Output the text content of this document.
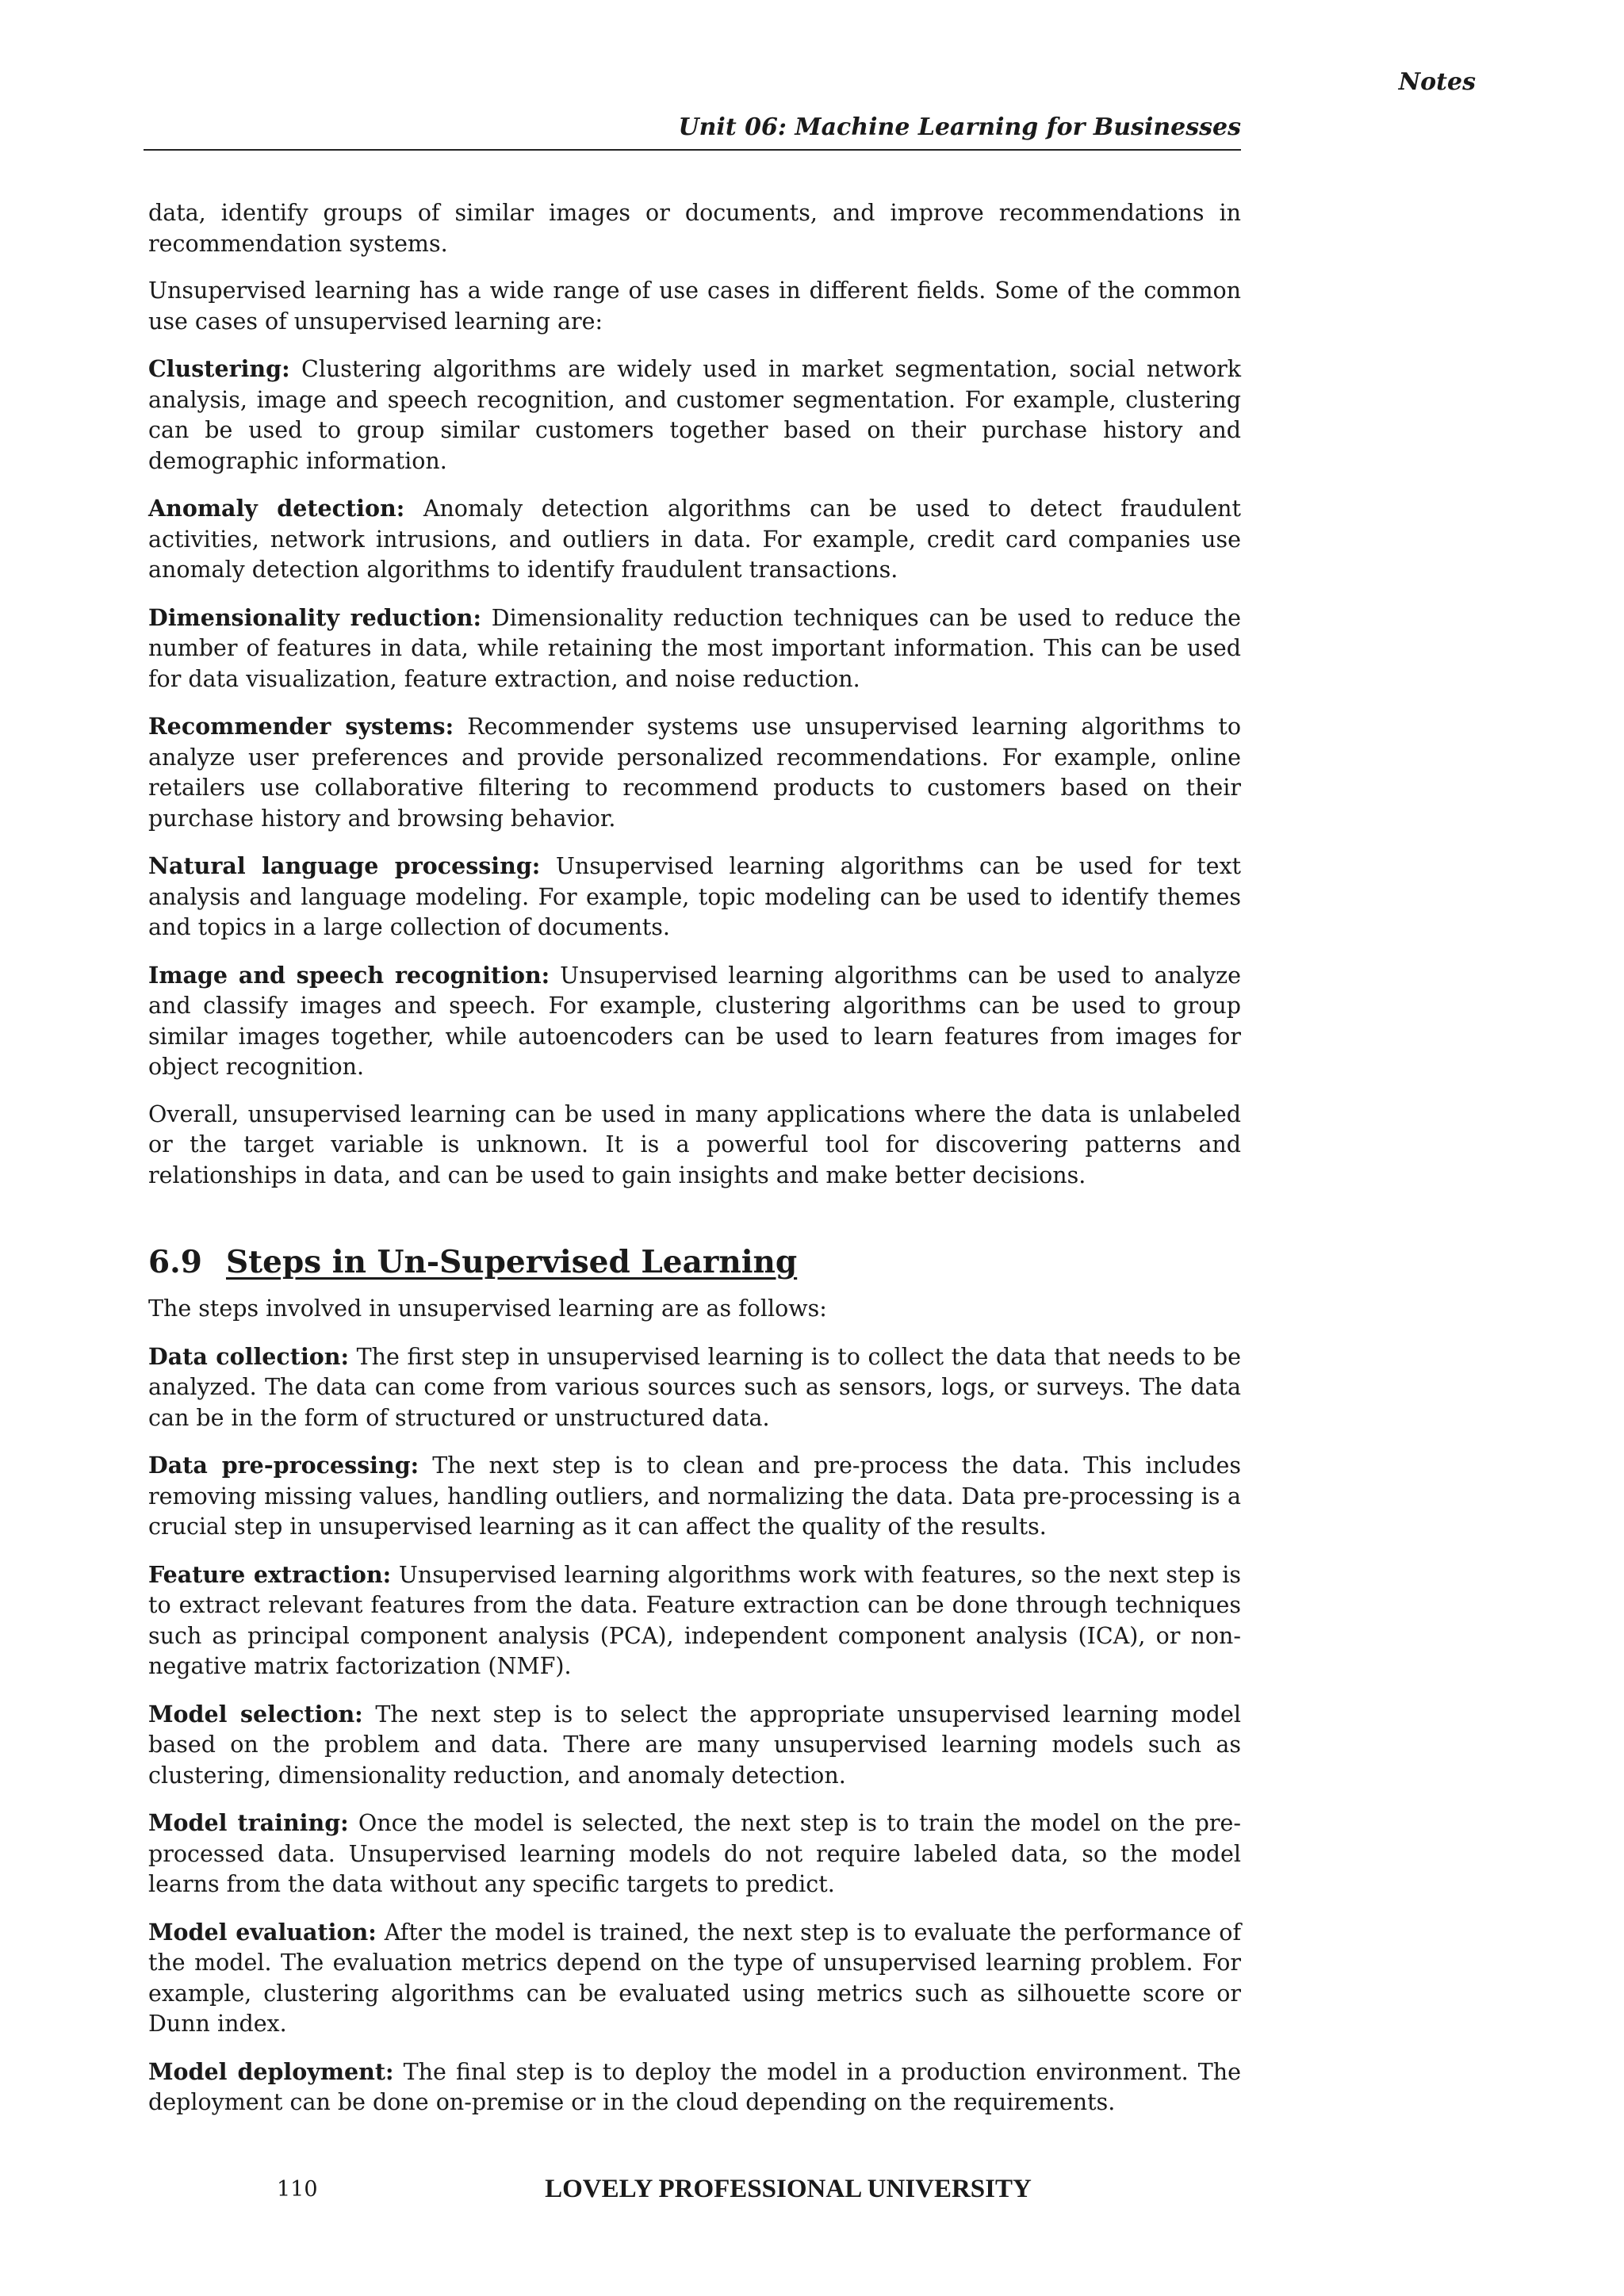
Notes
Unit 06: Machine Learning for Businesses

data, identify groups of similar images or documents, and improve recommendations in recommendation systems.

Unsupervised learning has a wide range of use cases in different fields. Some of the common use cases of unsupervised learning are:

Clustering: Clustering algorithms are widely used in market segmentation, social network analysis, image and speech recognition, and customer segmentation. For example, clustering can be used to group similar customers together based on their purchase history and demographic information.

Anomaly detection: Anomaly detection algorithms can be used to detect fraudulent activities, network intrusions, and outliers in data. For example, credit card companies use anomaly detection algorithms to identify fraudulent transactions.

Dimensionality reduction: Dimensionality reduction techniques can be used to reduce the number of features in data, while retaining the most important information. This can be used for data visualization, feature extraction, and noise reduction.

Recommender systems: Recommender systems use unsupervised learning algorithms to analyze user preferences and provide personalized recommendations. For example, online retailers use collaborative filtering to recommend products to customers based on their purchase history and browsing behavior.

Natural language processing: Unsupervised learning algorithms can be used for text analysis and language modeling. For example, topic modeling can be used to identify themes and topics in a large collection of documents.

Image and speech recognition: Unsupervised learning algorithms can be used to analyze and classify images and speech. For example, clustering algorithms can be used to group similar images together, while autoencoders can be used to learn features from images for object recognition.

Overall, unsupervised learning can be used in many applications where the data is unlabeled or the target variable is unknown. It is a powerful tool for discovering patterns and relationships in data, and can be used to gain insights and make better decisions.

6.9 Steps in Un-Supervised Learning

The steps involved in unsupervised learning are as follows:

Data collection: The first step in unsupervised learning is to collect the data that needs to be analyzed. The data can come from various sources such as sensors, logs, or surveys. The data can be in the form of structured or unstructured data.

Data pre-processing: The next step is to clean and pre-process the data. This includes removing missing values, handling outliers, and normalizing the data. Data pre-processing is a crucial step in unsupervised learning as it can affect the quality of the results.

Feature extraction: Unsupervised learning algorithms work with features, so the next step is to extract relevant features from the data. Feature extraction can be done through techniques such as principal component analysis (PCA), independent component analysis (ICA), or non-negative matrix factorization (NMF).

Model selection: The next step is to select the appropriate unsupervised learning model based on the problem and data. There are many unsupervised learning models such as clustering, dimensionality reduction, and anomaly detection.

Model training: Once the model is selected, the next step is to train the model on the pre-processed data. Unsupervised learning models do not require labeled data, so the model learns from the data without any specific targets to predict.

Model evaluation: After the model is trained, the next step is to evaluate the performance of the model. The evaluation metrics depend on the type of unsupervised learning problem. For example, clustering algorithms can be evaluated using metrics such as silhouette score or Dunn index.

Model deployment: The final step is to deploy the model in a production environment. The deployment can be done on-premise or in the cloud depending on the requirements.

110	LOVELY PROFESSIONAL UNIVERSITY
